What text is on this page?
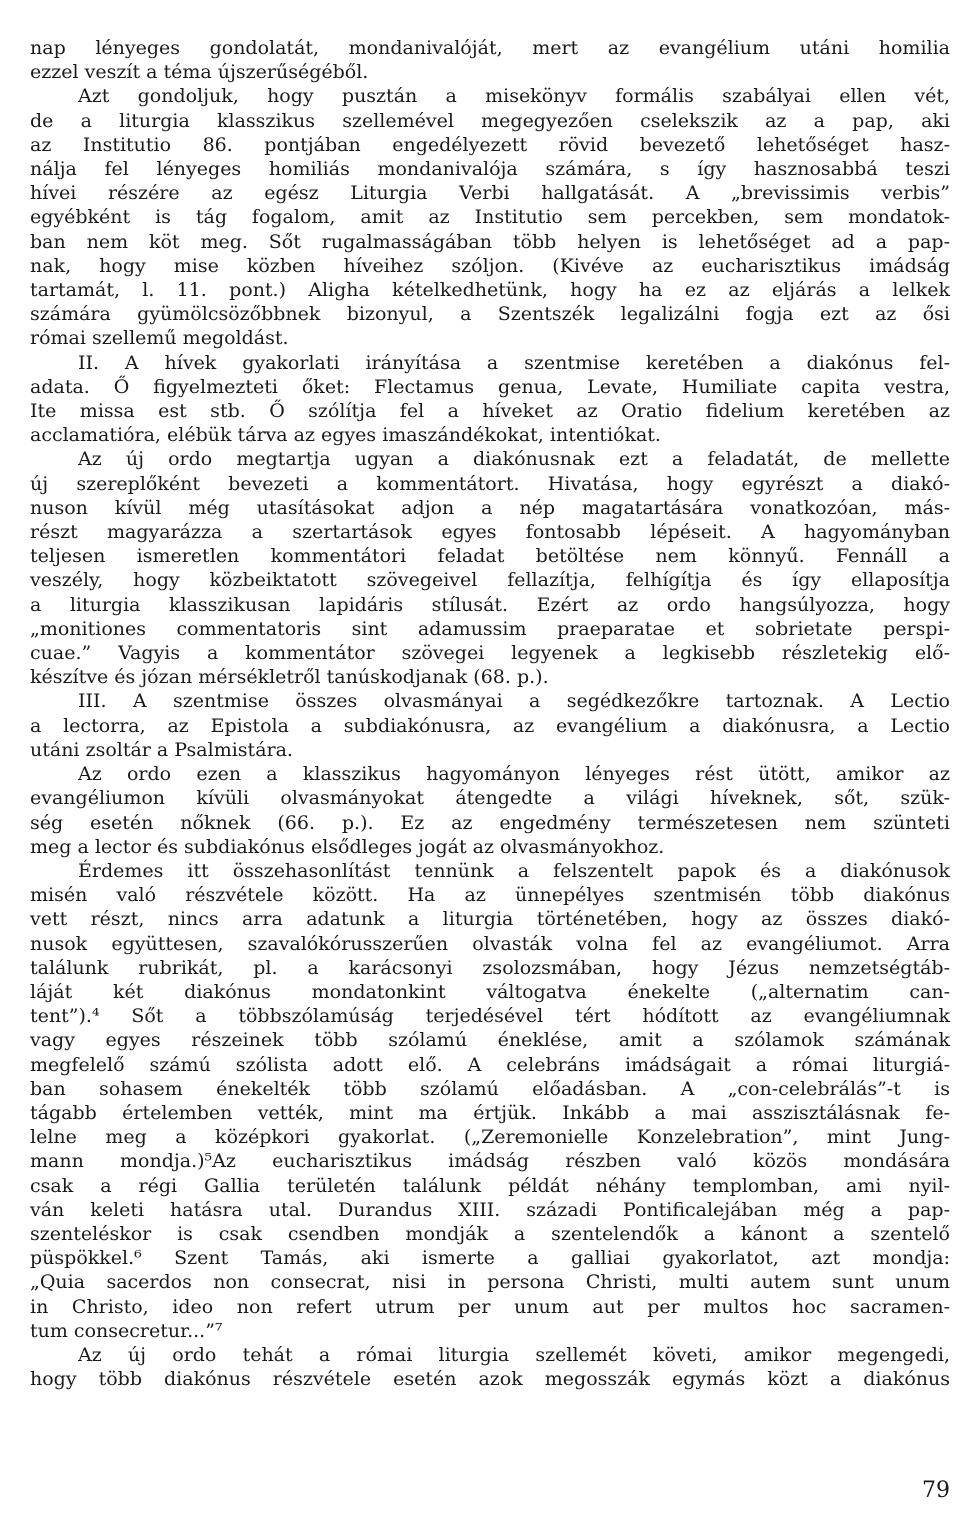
nap lényeges gondolatát, mondanivalóját, mert az evangélium utáni homilia
ezzel veszít a téma újszerűségéből.
Azt gondoljuk, hogy pusztán a misekönyv formális szabályai ellen vét,
de a liturgia klasszikus szellemével megegyezően cselekszik az a pap, aki
az Institutio 86. pontjában engedélyezett rövid bevezető lehetőséget hasz-
nálja fel lényeges homiliás mondanivalója számára, s így hasznosabbá teszi
hívei részére az egész Liturgia Verbi hallgatását. A „brevissimis verbis”
egyébként is tág fogalom, amit az Institutio sem percekben, sem mondatok-
ban nem köt meg. Sőt rugalmasságában több helyen is lehetőséget ad a pap-
nak, hogy mise közben híveihez szóljon. (Kivéve az eucharisztikus imádság
tartamát, l. 11. pont.) Aligha kételkedhetünk, hogy ha ez az eljárás a lelkek
számára gyümölcsözőbbnek bizonyul, a Szentszék legalizálni fogja ezt az ősi
római szellemű megoldást.
II. A hívek gyakorlati irányítása a szentmise keretében a diakónus fel-
adata. Ő figyelmezteti őket: Flectamus genua, Levate, Humiliate capita vestra,
Ite missa est stb. Ő szólítja fel a híveket az Oratio fidelium keretében az
acclamatióra, elébük tárva az egyes imaszándékokat, intentiókat.
Az új ordo megtartja ugyan a diakónusnak ezt a feladatát, de mellette
új szereplőként bevezeti a kommentátort. Hivatása, hogy egyrészt a diakó-
nuson kívül még utasításokat adjon a nép magatartására vonatkozóan, más-
részt magyarázza a szertartások egyes fontosabb lépéseit. A hagyományban
teljesen ismeretlen kommentátori feladat betöltése nem könnyű. Fennáll a
veszély, hogy közbeiktatott szövegeivel fellazítja, felhígítja és így ellaposítja
a liturgia klasszikusan lapidáris stílusát. Ezért az ordo hangsúlyozza, hogy
„monitiones commentatoris sint adamussim praeparatae et sobrietate perspi-
cuae.” Vagyis a kommentátor szövegei legyenek a legkisebb részletekig elő-
készítve és józan mérsékletről tanúskodjanak (68. p.).
III. A szentmise összes olvasmányai a segédkezőkre tartoznak. A Lectio
a lectorra, az Epistola a subdiakónusra, az evangélium a diakónusra, a Lectio
utáni zsoltár a Psalmistára.
Az ordo ezen a klasszikus hagyományon lényeges rést ütött, amikor az
evangéliumon kívüli olvasmányokat átengedte a világi híveknek, sőt, szük-
ség esetén nőknek (66. p.). Ez az engedmény természetesen nem szünteti
meg a lector és subdiakónus elsődleges jogát az olvasmányokhoz.
Érdemes itt összehasonlítást tennünk a felszentelt papok és a diakónusok
misén való részvétele között. Ha az ünnepélyes szentmisén több diakónus
vett részt, nincs arra adatunk a liturgia történetében, hogy az összes diakó-
nusok együttesen, szavalókórusszerűen olvasták volna fel az evangéliumot. Arra
találunk rubrikát, pl. a karácsonyi zsolozsmában, hogy Jézus nemzetségtáb-
láját két diakónus mondatonkint váltogatva énekelte („alternatim can-
tent”).⁴ Sőt a többszólamúság terjedésével tért hódított az evangéliumnak
vagy egyes részeinek több szólamú éneklése, amit a szólamok számának
megfelelő számú szólista adott elő. A celebráns imádságait a római liturgiá-
ban sohasem énekelték több szólamú előadásban. A „con-celebrálás”-t is
tágabb értelemben vették, mint ma értjük. Inkább a mai asszisztálásnak fe-
lelne meg a középkori gyakorlat. („Zeremonielle Konzelebration”, mint Jung-
mann mondja.)⁵Az eucharisztikus imádság részben való közös mondására
csak a régi Gallia területén találunk példát néhány templomban, ami nyil-
ván keleti hatásra utal. Durandus XIII. századi Pontificalejában még a pap-
szenteléskor is csak csendben mondják a szentelendők a kánont a szentelő
püspökkel.⁶ Szent Tamás, aki ismerte a galliai gyakorlatot, azt mondja:
„Quia sacerdos non consecrat, nisi in persona Christi, multi autem sunt unum
in Christo, ideo non refert utrum per unum aut per multos hoc sacramen-
tum consecretur...”⁷
Az új ordo tehát a római liturgia szellemét követi, amikor megengedi,
hogy több diakónus részvétele esetén azok megosszák egymás közt a diakónus
79
